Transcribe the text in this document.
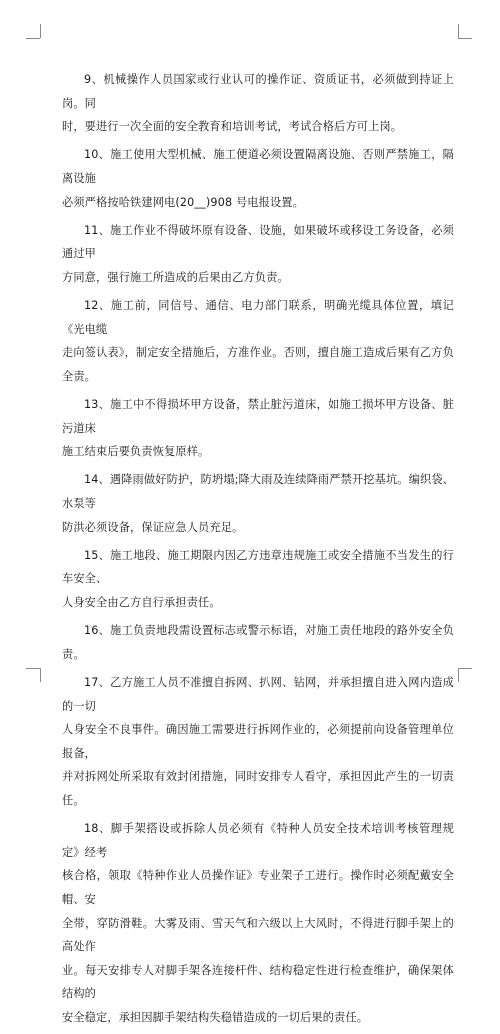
9、机械操作人员国家或行业认可的操作证、资质证书，必须做到持证上岗。同
时，要进行一次全面的安全教育和培训考试，考试合格后方可上岗。

10、施工使用大型机械、施工便道必须设置隔离设施、否则严禁施工，隔离设施
必须严格按哈铁建网电(20__)908 号电报设置。

11、施工作业不得破坏原有设备、设施，如果破坏或移设工务设备，必须通过甲
方同意，强行施工所造成的后果由乙方负责。

12、施工前，同信号、通信、电力部门联系，明确光缆具体位置，填记《光电缆
走向签认表》，制定安全措施后，方准作业。否则，擅自施工造成后果有乙方负全责。

13、施工中不得损坏甲方设备，禁止脏污道床，如施工损坏甲方设备、脏污道床
施工结束后要负责恢复原样。

14、遇降雨做好防护，防坍塌;降大雨及连续降雨严禁开挖基坑。编织袋、水泵等
防洪必须设备，保证应急人员充足。

15、施工地段、施工期限内因乙方违章违规施工或安全措施不当发生的行车安全、
人身安全由乙方自行承担责任。

16、施工负责地段需设置标志或警示标语，对施工责任地段的路外安全负责。

17、乙方施工人员不准擅自拆网、扒网、钻网，并承担擅自进入网内造成的一切
人身安全不良事件。确因施工需要进行拆网作业的，必须提前向设备管理单位报备，
并对拆网处所采取有效封闭措施，同时安排专人看守，承担因此产生的一切责任。

18、脚手架搭设或拆除人员必须有《特种人员安全技术培训考核管理规定》经考
核合格，领取《特种作业人员操作证》专业架子工进行。操作时必须配戴安全帽、安
全带，穿防滑鞋。大雾及雨、雪天气和六级以上大风时，不得进行脚手架上的高处作
业。每天安排专人对脚手架各连接杆件、结构稳定性进行检查维护，确保架体结构的
安全稳定，承担因脚手架结构失稳错造成的一切后果的责任。
